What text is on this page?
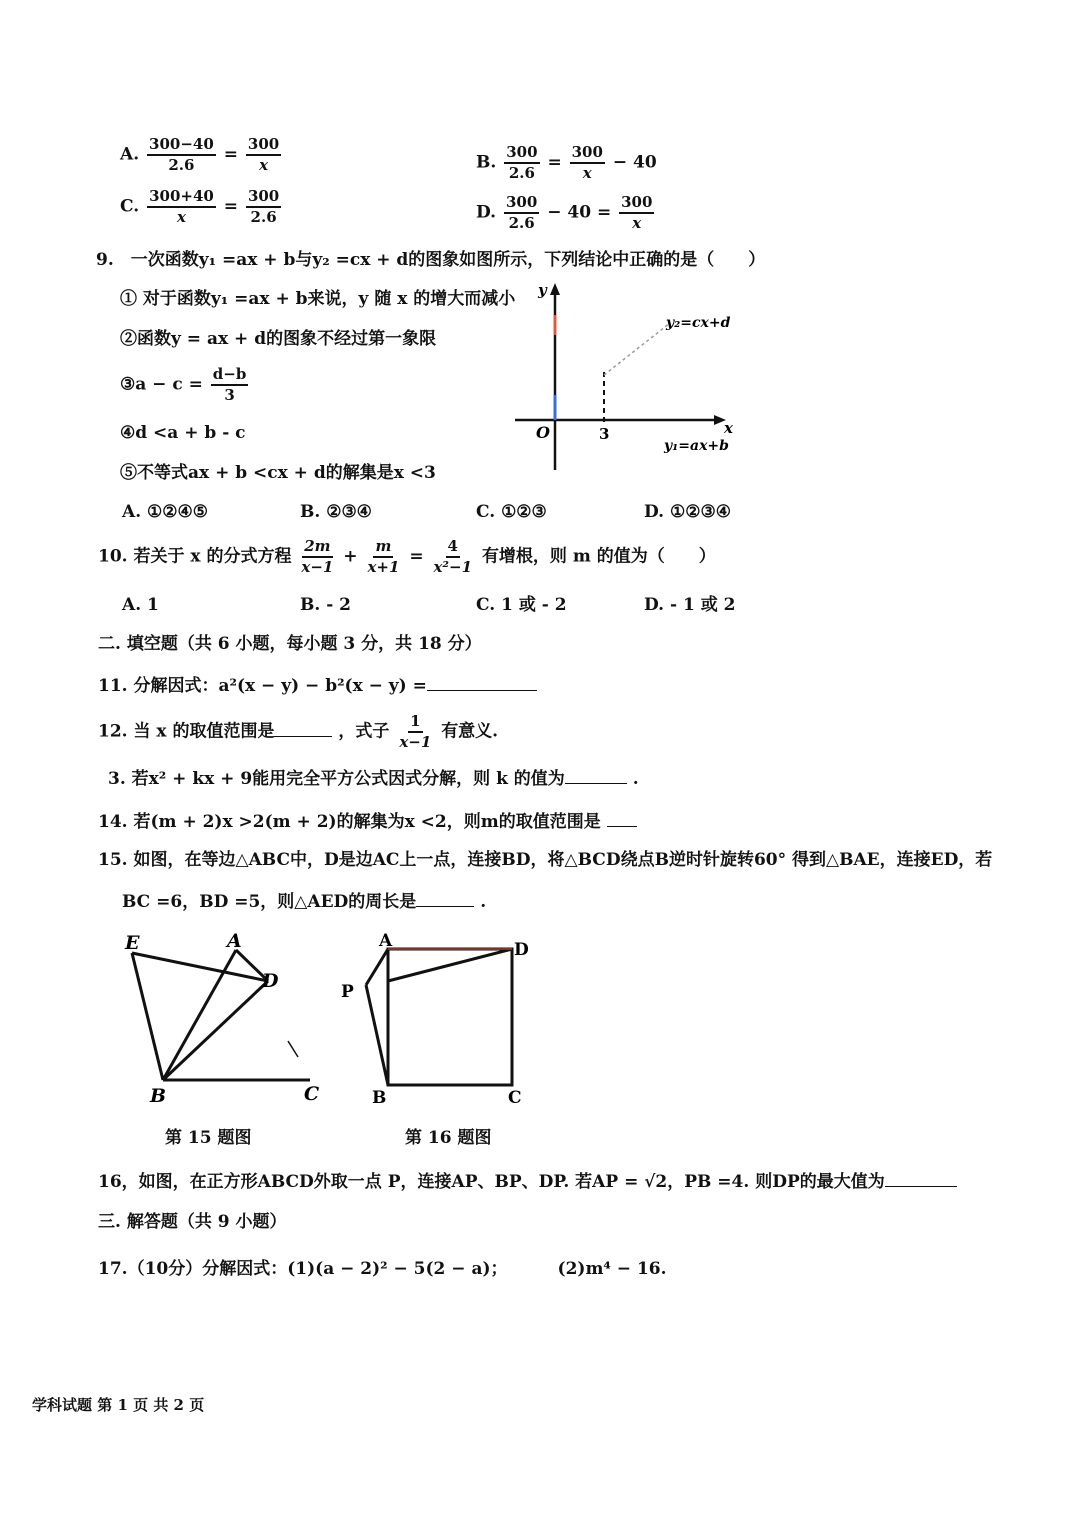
A. $\frac{300-40}{2.6} = \frac{300}{x}$	B. $\frac{300}{2.6} = \frac{300}{x} - 40$
C. $\frac{300+40}{x} = \frac{300}{2.6}$	D. $\frac{300}{2.6} - 40 = \frac{300}{x}$
9.　一次函数y₁ =ax + b与y₂ =cx + d的图象如图所示，下列结论中正确的是（　　）
① 对于函数y₁ =ax + b来说，y 随 x 的增大而减小
②函数y = ax + d的图象不经过第一象限
③a − $c = \frac{d-b}{3}$
④d <a + b - c
⑤不等式ax + b <cx + d的解集是x <3
y
x
O	3
y₂=cx+d
y₁=ax+b
A. ①②④⑤	B. ②③④	C. ①②③	D. ①②③④
10. 若关于 x 的分式方程 $\frac{2m}{x-1} + \frac{m}{x+1} = \frac{4}{\text{x²−1}}$ 有增根，则 m 的值为（　　）
A. 1	B. - 2	C. 1 或 - 2	D. - 1 或 2
二. 填空题（共 6 小题，每小题 3 分，共 18 分）
11. 分解因式：a²(x − y) − b²(x − y) =
12. 当 x 的取值范围是	，式子 $\frac{1}{x-1}$ 有意义.
3. 若x² + kx + 9能用完全平方公式因式分解，则 k 的值为	.
14. 若(m + 2)x >2(m + 2)的解集为x <2，则m的取值范围是
15. 如图，在等边△ABC中，D是边AC上一点，连接BD，将△BCD绕点B逆时针旋转60° 得到△BAE，连接ED，若
BC =6，BD =5，则△AED的周长是	.
E	A
D
B	C
A	D
P
B	C
第 15 题图	第 16 题图
16，如图，在正方形ABCD外取一点 P，连接AP、BP、DP. 若AP = √2，PB =4. 则DP的最大值为
三. 解答题（共 9 小题）
17.（10分）分解因式：(1)(a − 2)² − 5(2 − a)；	(2)m⁴ − 16.
学科试题 第 1 页 共 2 页
